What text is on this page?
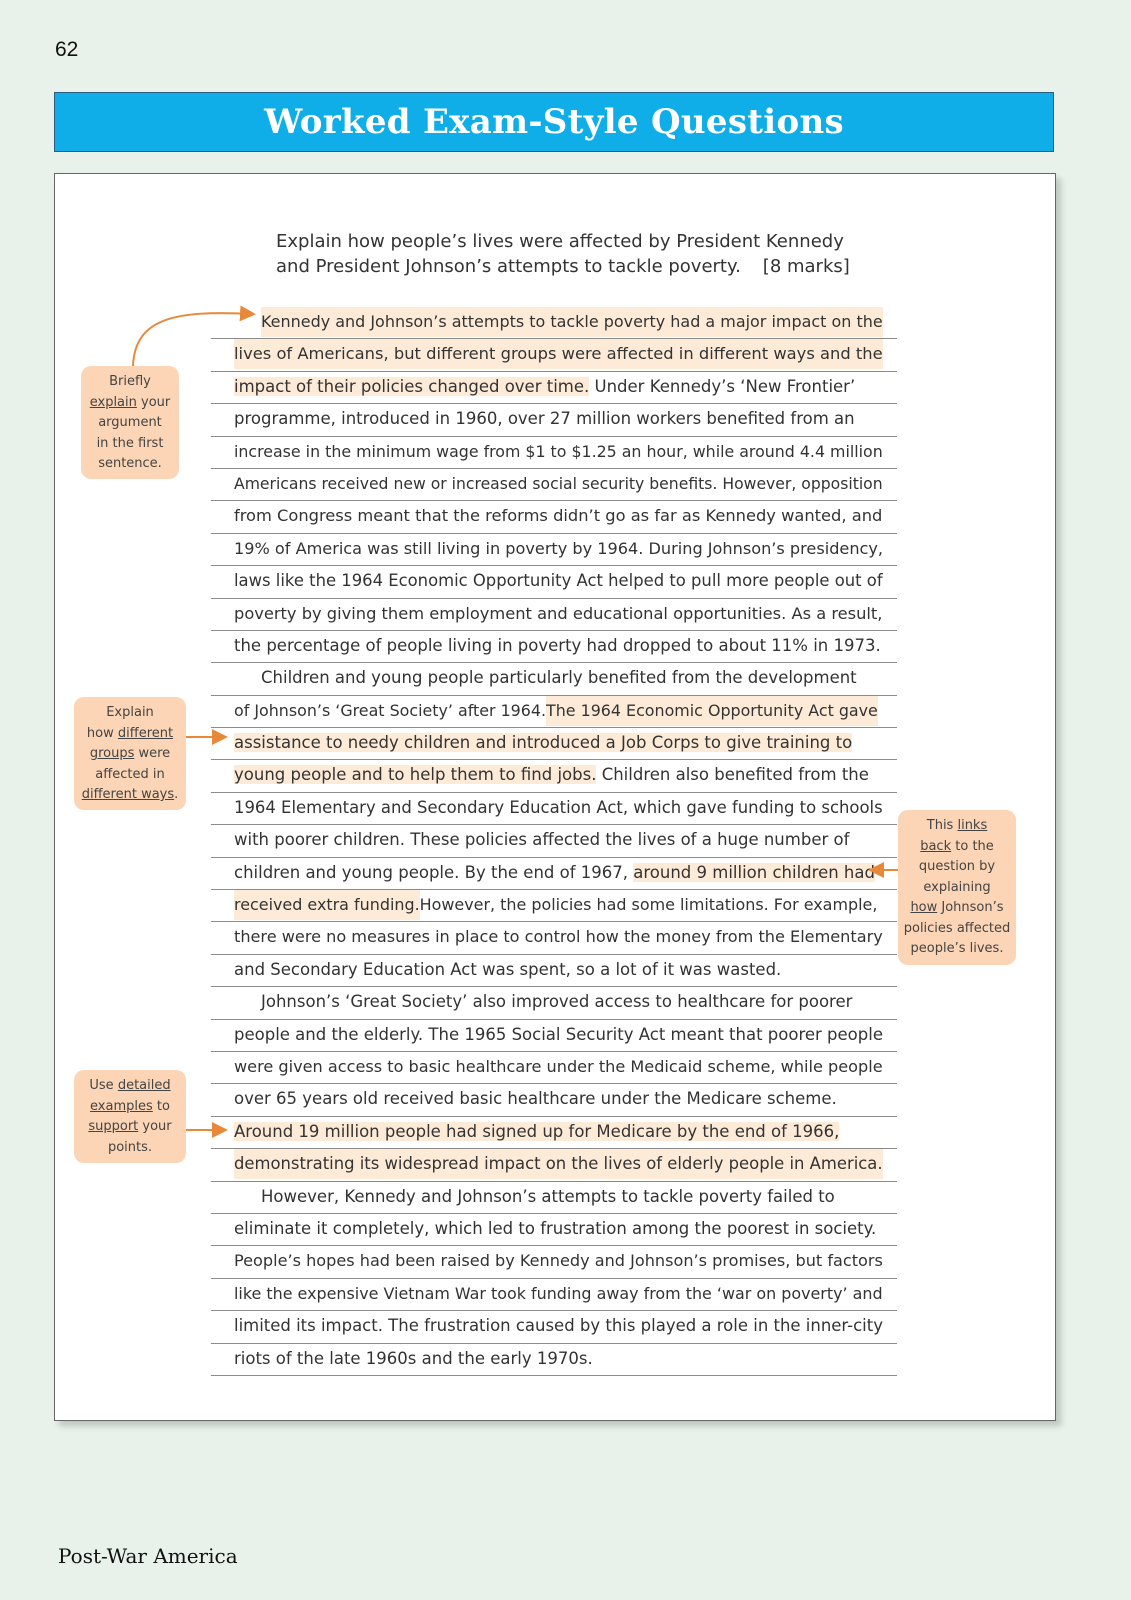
62
Worked Exam-Style Questions
Explain how people’s lives were affected by President Kennedy
and President Johnson’s attempts to tackle poverty. [8 marks]
Kennedy and Johnson’s attempts to tackle poverty had a major impact on the
lives of Americans, but different groups were affected in different ways and the
impact of their policies changed over time. Under Kennedy’s ‘New Frontier’
programme, introduced in 1960, over 27 million workers benefited from an
increase in the minimum wage from $1 to $1.25 an hour, while around 4.4 million
Americans received new or increased social security benefits. However, opposition
from Congress meant that the reforms didn’t go as far as Kennedy wanted, and
19% of America was still living in poverty by 1964. During Johnson’s presidency,
laws like the 1964 Economic Opportunity Act helped to pull more people out of
poverty by giving them employment and educational opportunities. As a result,
the percentage of people living in poverty had dropped to about 11% in 1973.
Children and young people particularly benefited from the development
of Johnson’s ‘Great Society’ after 1964.The 1964 Economic Opportunity Act gave
assistance to needy children and introduced a Job Corps to give training to
young people and to help them to find jobs. Children also benefited from the
1964 Elementary and Secondary Education Act, which gave funding to schools
with poorer children. These policies affected the lives of a huge number of
children and young people. By the end of 1967, around 9 million children had
received extra funding.However, the policies had some limitations. For example,
there were no measures in place to control how the money from the Elementary
and Secondary Education Act was spent, so a lot of it was wasted.
Johnson’s ‘Great Society’ also improved access to healthcare for poorer
people and the elderly. The 1965 Social Security Act meant that poorer people
were given access to basic healthcare under the Medicaid scheme, while people
over 65 years old received basic healthcare under the Medicare scheme.
Around 19 million people had signed up for Medicare by the end of 1966,
demonstrating its widespread impact on the lives of elderly people in America.
However, Kennedy and Johnson’s attempts to tackle poverty failed to
eliminate it completely, which led to frustration among the poorest in society.
People’s hopes had been raised by Kennedy and Johnson’s promises, but factors
like the expensive Vietnam War took funding away from the ‘war on poverty’ and
limited its impact. The frustration caused by this played a role in the inner-city
riots of the late 1960s and the early 1970s.
Briefly
explain your
argument
in the first
sentence.
Explain
how different
groups were
affected in
different ways.
This links
back to the
question by
explaining
how Johnson’s
policies affected
people’s lives.
Use detailed
examples to
support your
points.
Post-War America
